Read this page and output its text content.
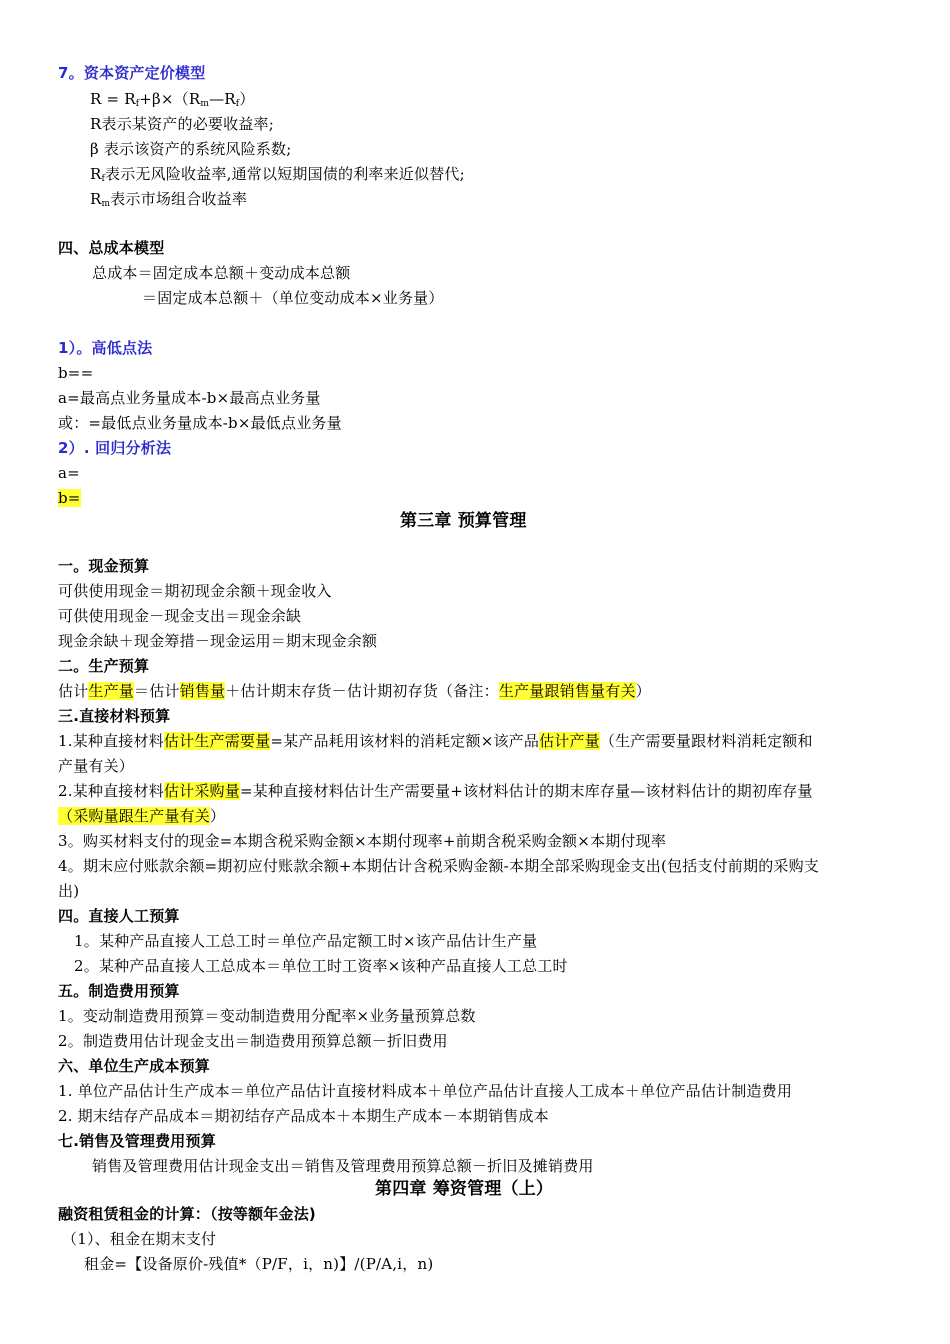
7。资本资产定价模型
$R = R_f+\beta\times(R_m—R_f)$
R表示某资产的必要收益率;
β 表示该资产的系统风险系数;
$R_f$表示无风险收益率,通常以短期国债的利率来近似替代;
$R_m$表示市场组合收益率
四、总成本模型
总成本＝固定成本总额＋变动成本总额
＝固定成本总额＋（单位变动成本×业务量）
1）。高低点法
b==
a=最高点业务量成本-b×最高点业务量
或：=最低点业务量成本-b×最低点业务量
2）. 回归分析法
a=
b=
第三章 预算管理
一。现金预算
可供使用现金＝期初现金余额＋现金收入
可供使用现金－现金支出＝现金余缺
现金余缺＋现金筹措－现金运用＝期末现金余额
二。生产预算
估计生产量＝估计销售量＋估计期末存货－估计期初存货（备注：生产量跟销售量有关）
三.直接材料预算
1.某种直接材料估计生产需要量=某产品耗用该材料的消耗定额×该产品估计产量（生产需要量跟材料消耗定额和
产量有关）
2.某种直接材料估计采购量=某种直接材料估计生产需要量+该材料估计的期末库存量—该材料估计的期初库存量
（采购量跟生产量有关）
3。购买材料支付的现金=本期含税采购金额×本期付现率+前期含税采购金额×本期付现率
4。期末应付账款余额=期初应付账款余额+本期估计含税采购金额-本期全部采购现金支出(包括支付前期的采购支
出)
四。直接人工预算
1。某种产品直接人工总工时＝单位产品定额工时×该产品估计生产量
2。某种产品直接人工总成本＝单位工时工资率×该种产品直接人工总工时
五。制造费用预算
1。变动制造费用预算＝变动制造费用分配率×业务量预算总数
2。制造费用估计现金支出＝制造费用预算总额－折旧费用
六、单位生产成本预算
1. 单位产品估计生产成本＝单位产品估计直接材料成本＋单位产品估计直接人工成本＋单位产品估计制造费用
2. 期末结存产品成本＝期初结存产品成本＋本期生产成本－本期销售成本
七.销售及管理费用预算
销售及管理费用估计现金支出＝销售及管理费用预算总额－折旧及摊销费用
第四章 筹资管理（上）
融资租赁租金的计算：（按等额年金法)
（1）、租金在期末支付
租金=【设备原价-残值*（P/F，i，n)】/(P/A,i，n)
